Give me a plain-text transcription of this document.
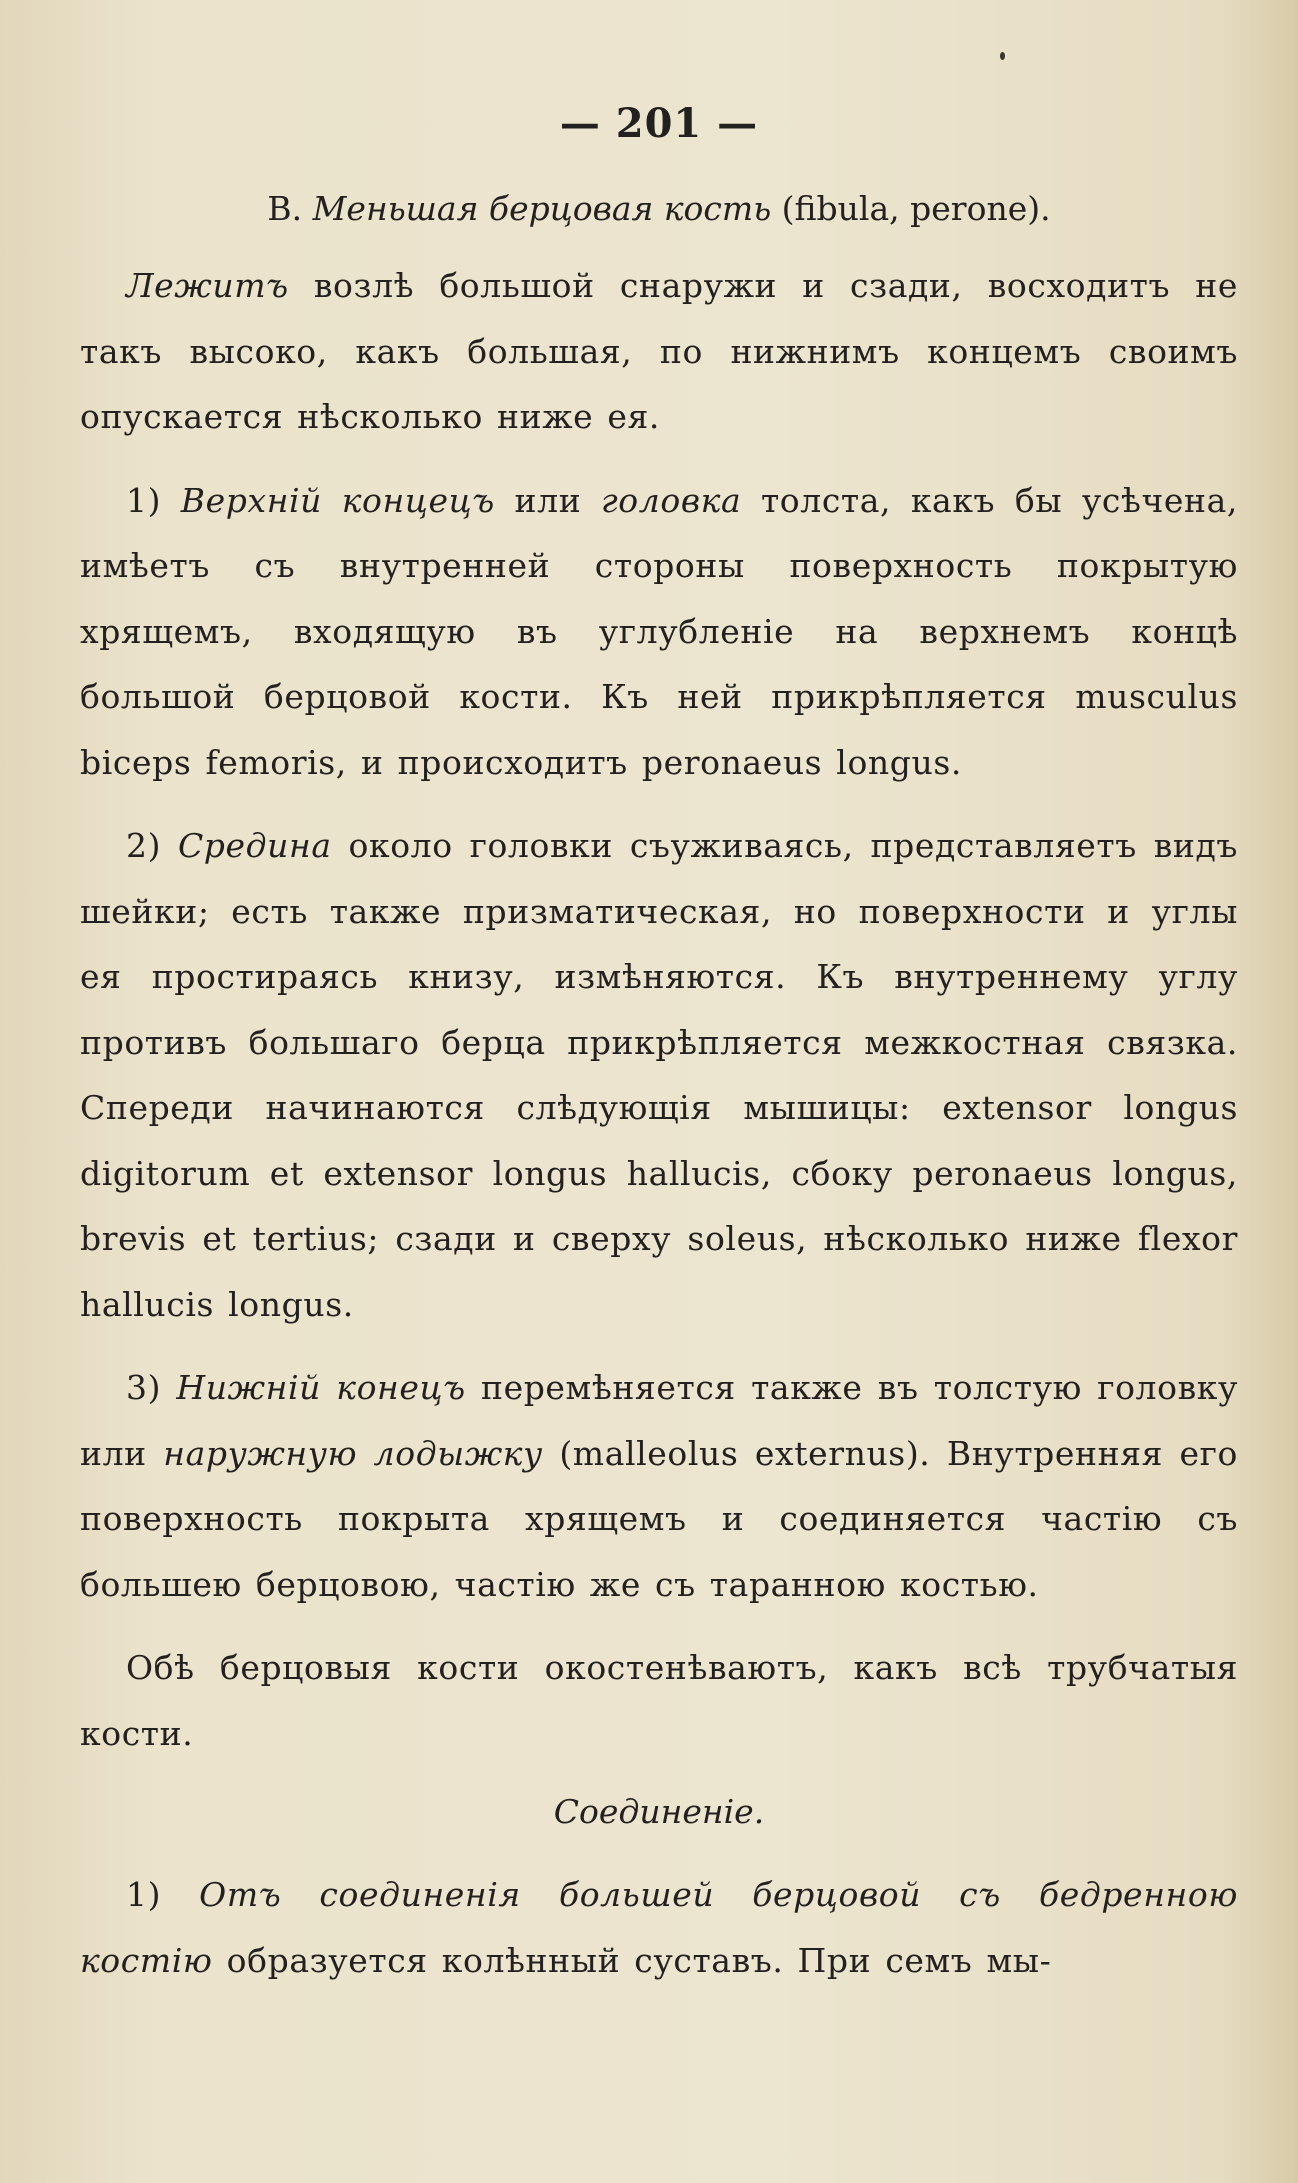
— 201 —
В. Меньшая берцовая кость (fibula, perone).

Лежитъ возлѣ большой снаружи и сзади, восходитъ не такъ высоко, какъ большая, по нижнимъ концемъ своимъ опускается нѣсколько ниже ея.

1) Верхній концецъ или головка толста, какъ бы усѣчена, имѣетъ съ внутренней стороны поверхность покрытую хрящемъ, входящую въ углубленіе на верхнемъ концѣ большой берцовой кости. Къ ней прикрѣпляется musculus biceps femoris, и происходитъ peronaeus longus.

2) Средина около головки съуживаясь, представляетъ видъ шейки; есть также призматическая, но поверхности и углы ея простираясь книзу, измѣняются. Къ внутреннему углу противъ большаго берца прикрѣпляется межкостная связка. Спереди начинаются слѣдующія мышицы: extensor longus digitorum et extensor longus hallucis, сбоку peronaeus longus, brevis et tertius; сзади и сверху soleus, нѣсколько ниже flexor hallucis longus.

3) Нижній конецъ перемѣняется также въ толстую головку или наружную лодыжку (malleolus externus). Внутренняя его поверхность покрыта хрящемъ и соединяется частію съ большею берцовою, частію же съ таранною костью.

Обѣ берцовыя кости окостенѣваютъ, какъ всѣ трубчатыя кости.

Соединеніе.

1) Отъ соединенія большей берцовой съ бедренною костію образуется колѣнный суставъ. При семъ мы-
